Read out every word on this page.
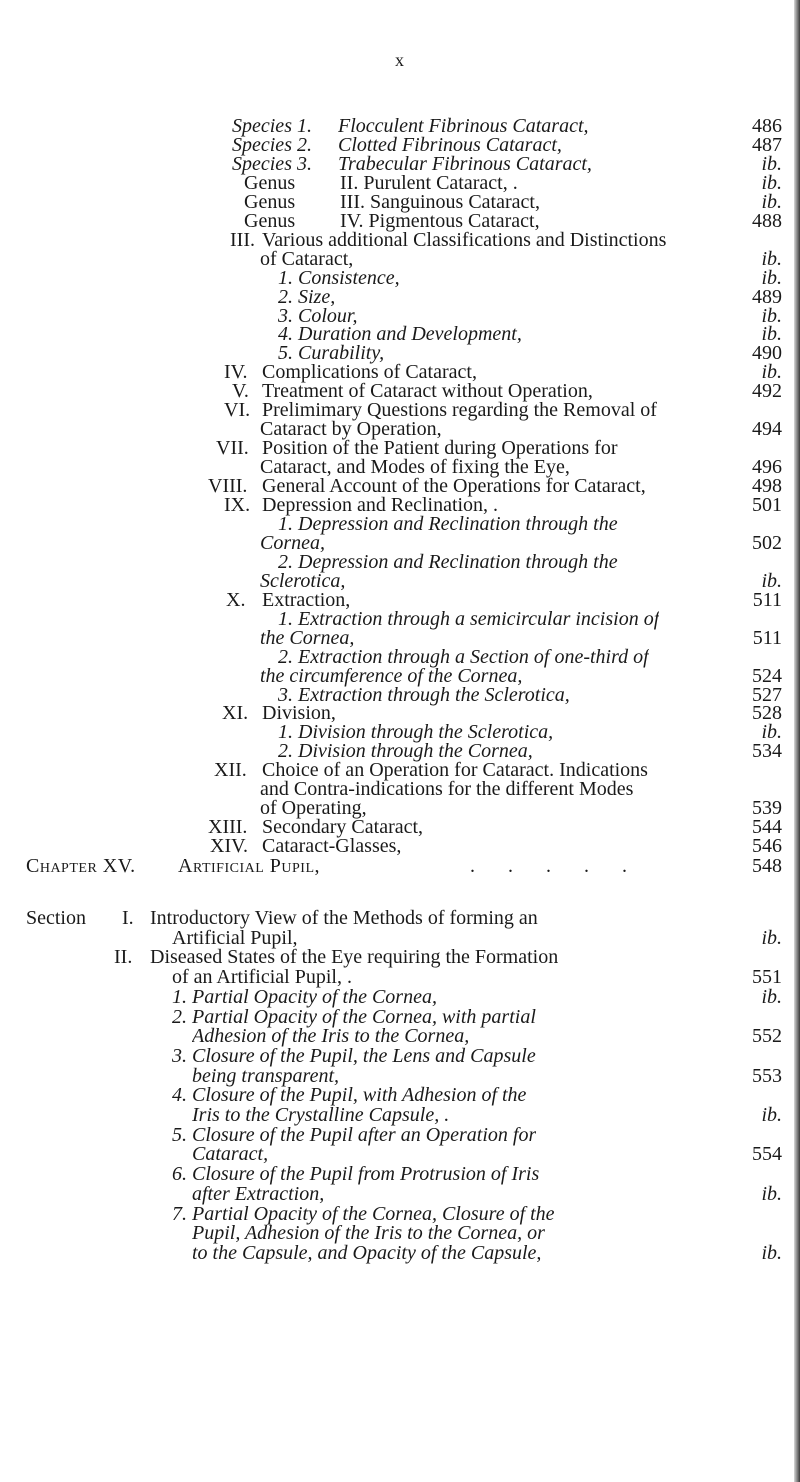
x
Species 1. Flocculent Fibrinous Cataract,	486
Species 2. Clotted Fibrinous Cataract,	487
Species 3. Trabecular Fibrinous Cataract,	ib.
Genus II. Purulent Cataract, .	ib.
Genus III. Sanguinous Cataract,	ib.
Genus IV. Pigmentous Cataract,	488
III. Various additional Classifications and Distinctions
of Cataract,	ib.
1. Consistence,	ib.
2. Size,	489
3. Colour,	ib.
4. Duration and Development,	ib.
5. Curability,	490
IV. Complications of Cataract,	ib.
V. Treatment of Cataract without Operation,	492
VI. Prelimimary Questions regarding the Removal of
Cataract by Operation,	494
VII. Position of the Patient during Operations for
Cataract, and Modes of fixing the Eye,	496
VIII. General Account of the Operations for Cataract,	498
IX. Depression and Reclination, .	501
1. Depression and Reclination through the
Cornea,	502
2. Depression and Reclination through the
Sclerotica,	ib.
X. Extraction,	511
1. Extraction through a semicircular incision of
the Cornea,	511
2. Extraction through a Section of one-third of
the circumference of the Cornea,	524
3. Extraction through the Sclerotica,	527
XI. Division,	528
1. Division through the Sclerotica,	ib.
2. Division through the Cornea,	534
XII. Choice of an Operation for Cataract. Indications
and Contra-indications for the different Modes
of Operating,	539
XIII. Secondary Cataract,	544
XIV. Cataract-Glasses,	546
Chapter XV. Artificial Pupil,	. . . . .	548
Section I. Introductory View of the Methods of forming an
Artificial Pupil,	ib.
II. Diseased States of the Eye requiring the Formation
of an Artificial Pupil, .	551
1. Partial Opacity of the Cornea,	ib.
2. Partial Opacity of the Cornea, with partial
Adhesion of the Iris to the Cornea,	552
3. Closure of the Pupil, the Lens and Capsule
being transparent,	553
4. Closure of the Pupil, with Adhesion of the
Iris to the Crystalline Capsule, .	ib.
5. Closure of the Pupil after an Operation for
Cataract,	554
6. Closure of the Pupil from Protrusion of Iris
after Extraction,	ib.
7. Partial Opacity of the Cornea, Closure of the
Pupil, Adhesion of the Iris to the Cornea, or
to the Capsule, and Opacity of the Capsule,	ib.
